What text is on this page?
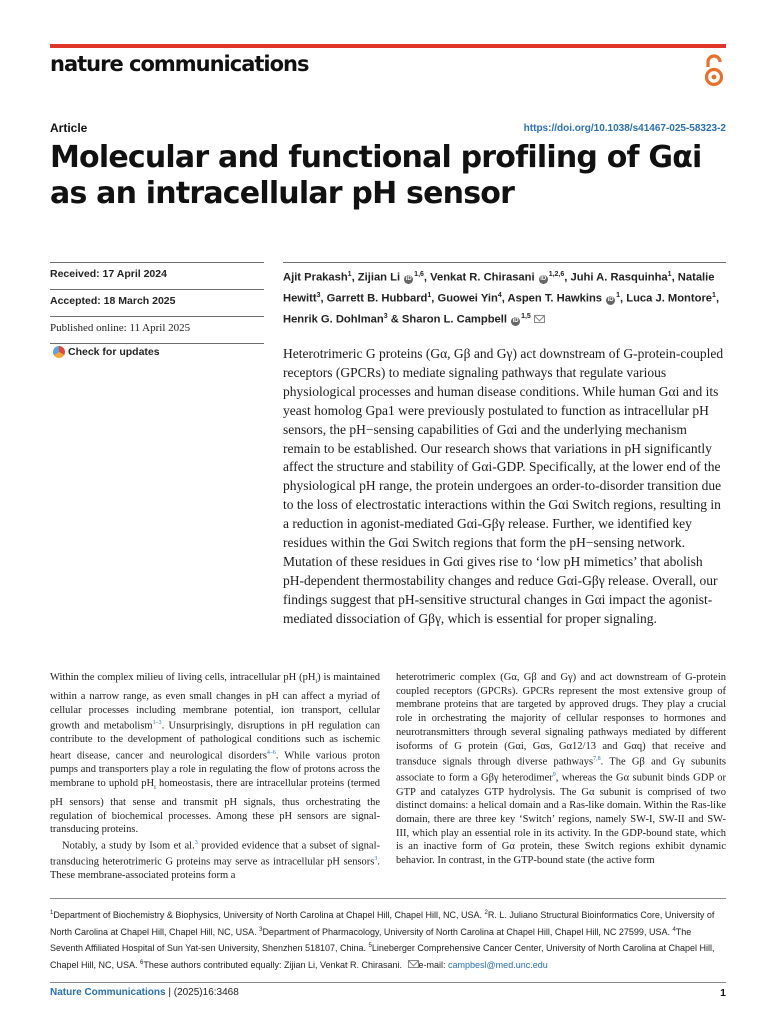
nature communications
Article	https://doi.org/10.1038/s41467-025-58323-2
Molecular and functional profiling of Gαi as an intracellular pH sensor
Received: 17 April 2024
Accepted: 18 March 2025
Published online: 11 April 2025
Check for updates
Ajit Prakash$^1$, Zijian Li iD$^{1,6}$, Venkat R. Chirasani iD$^{1,2,6}$, Juhi A. Rasquinha$^1$, Natalie Hewitt$^3$, Garrett B. Hubbard$^1$, Guowei Yin$^4$, Aspen T. Hawkins $iD^1$, Luca J. Montore$^1$, Henrik G. Dohlman$^3$ & Sharon L. Campbell iD$^{1,5}$
Heterotrimeric G proteins (Gα, Gβ and Gγ) act downstream of G-protein-coupled receptors (GPCRs) to mediate signaling pathways that regulate various physiological processes and human disease conditions. While human Gαi and its yeast homolog Gpa1 were previously postulated to function as intracellular pH sensors, the pH−sensing capabilities of Gαi and the underlying mechanism remain to be established. Our research shows that variations in pH significantly affect the structure and stability of Gαi-GDP. Specifically, at the lower end of the physiological pH range, the protein undergoes an order-to-disorder transition due to the loss of electrostatic interactions within the Gαi Switch regions, resulting in a reduction in agonist-mediated Gαi-Gβγ release. Further, we identified key residues within the Gαi Switch regions that form the pH−sensing network. Mutation of these residues in Gαi gives rise to ‘low pH mimetics’ that abolish pH-dependent thermostability changes and reduce Gαi-Gβγ release. Overall, our findings suggest that pH-sensitive structural changes in Gαi impact the agonist-mediated dissociation of Gβγ, which is essential for proper signaling.

Within the complex milieu of living cells, intracellular pH $(pH_i)$ is maintained within a narrow range, as even small changes in pH can affect a myriad of cellular processes including membrane potential, ion transport, cellular growth and metabolism$^{1-3}$. Unsurprisingly, disruptions in pH regulation can contribute to the development of pathological conditions such as ischemic heart disease, cancer and neurological disorders$^{4-6}$. While various proton pumps and transporters play a role in regulating the flow of protons across the membrane to uphold $pH_i$ homeostasis, there are intracellular proteins (termed pH sensors) that sense and transmit pH signals, thus orchestrating the regulation of biochemical processes. Among these pH sensors are signal-transducing proteins.

Notably, a study by Isom et al.$^3$ provided evidence that a subset of signal-transducing heterotrimeric G proteins may serve as intracellular pH sensors$^3$. These membrane-associated proteins form a

heterotrimeric complex (Gα, Gβ and Gγ) and act downstream of G-protein coupled receptors (GPCRs). GPCRs represent the most extensive group of membrane proteins that are targeted by approved drugs. They play a crucial role in orchestrating the majority of cellular responses to hormones and neurotransmitters through several signaling pathways mediated by different isoforms of G protein (Gαi, Gαs, Gα12/13 and Gαq) that receive and transduce signals through diverse pathways$^{7,8}$. The Gβ and Gγ subunits associate to form a Gβγ heterodimer$^9$, whereas the Gα subunit binds GDP or GTP and catalyzes GTP hydrolysis. The Gα subunit is comprised of two distinct domains: a helical domain and a Ras-like domain. Within the Ras-like domain, there are three key ‘Switch’ regions, namely SW-I, SW-II and SW-III, which play an essential role in its activity. In the GDP-bound state, which is an inactive form of Gα protein, these Switch regions exhibit dynamic behavior. In contrast, in the GTP-bound state (the active form

$^1$Department of Biochemistry & Biophysics, University of North Carolina at Chapel Hill, Chapel Hill, NC, USA. $^2$R. L. Juliano Structural Bioinformatics Core, University of North Carolina at Chapel Hill, Chapel Hill, NC, USA. $^3$Department of Pharmacology, University of North Carolina at Chapel Hill, Chapel Hill, NC 27599, USA. $^4$The Seventh Affiliated Hospital of Sun Yat-sen University, Shenzhen 518107, China. $^5$Lineberger Comprehensive Cancer Center, University of North Carolina at Chapel Hill, Chapel Hill, NC, USA. $^6$These authors contributed equally: Zijian Li, Venkat R. Chirasani. e-mail: campbesl@med.unc.edu
Nature Communications | (2025)16:3468	1
